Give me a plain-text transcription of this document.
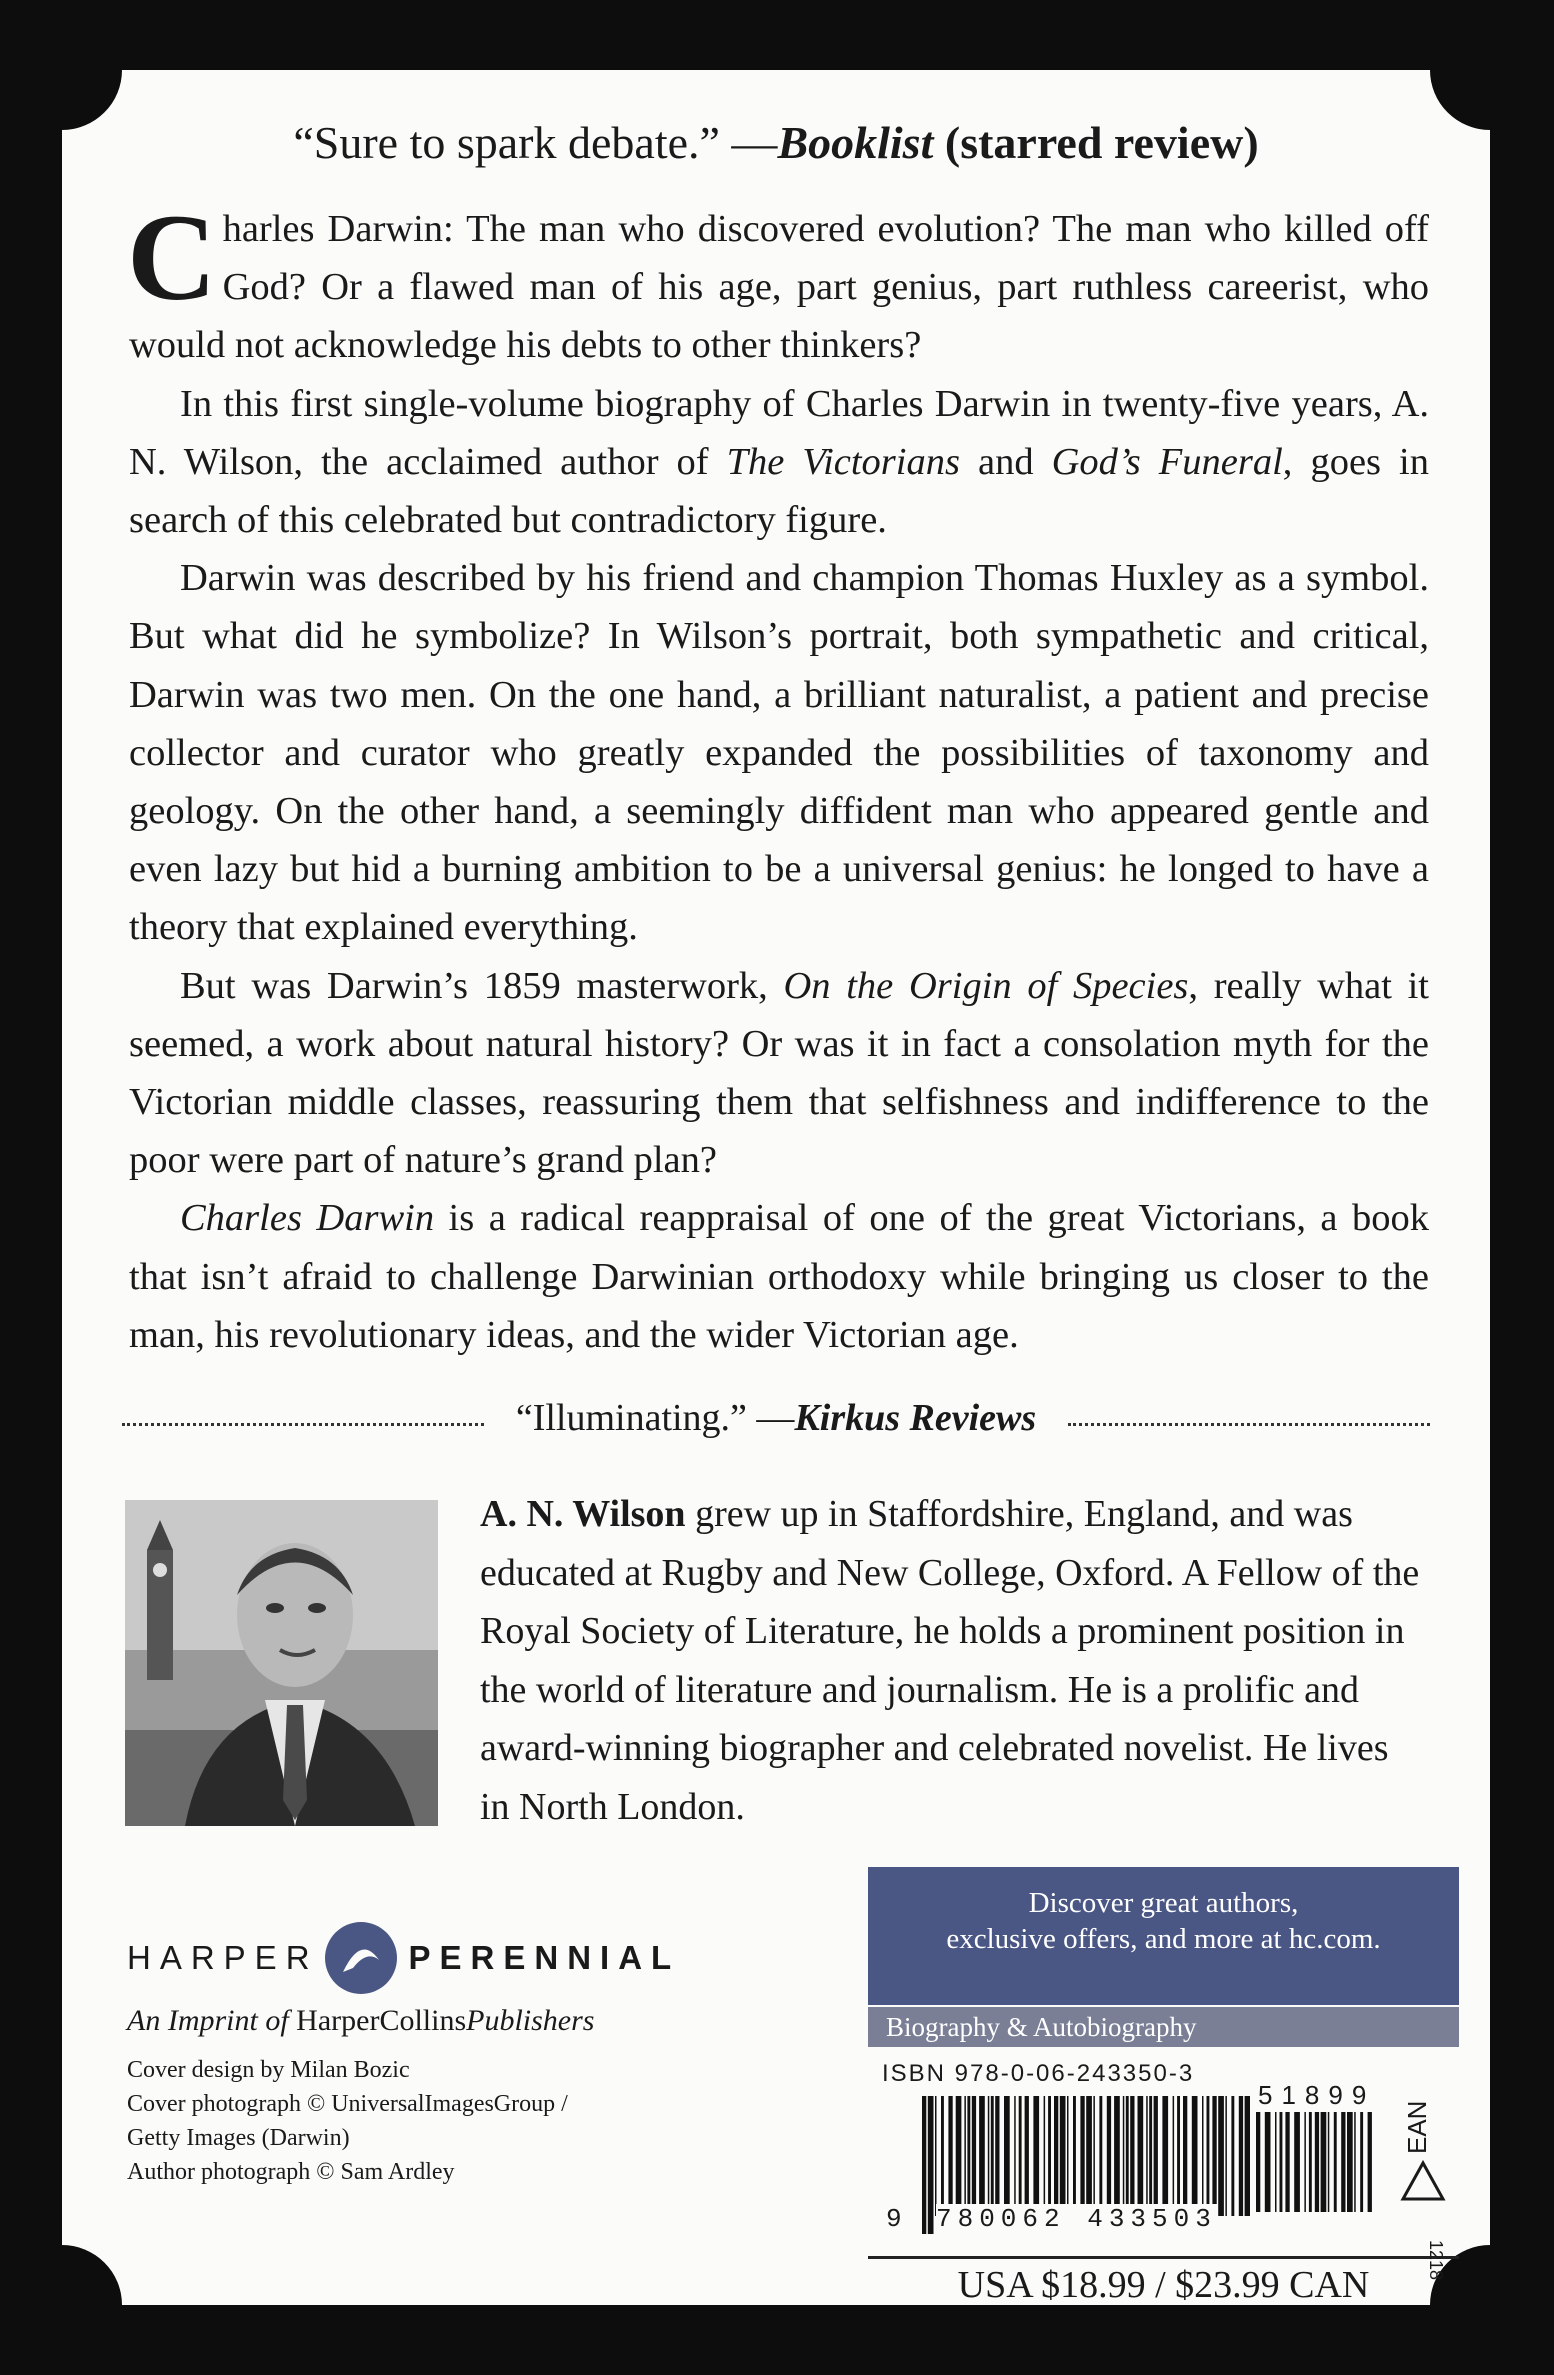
“Sure to spark debate.” —Booklist (starred review)

Charles Darwin: The man who discovered evolution? The man who killed off God? Or a flawed man of his age, part genius, part ruthless careerist, who would not acknowledge his debts to other thinkers?

In this first single-volume biography of Charles Darwin in twenty-five years, A. N. Wilson, the acclaimed author of The Victorians and God’s Funeral, goes in search of this celebrated but contradictory figure.

Darwin was described by his friend and champion Thomas Huxley as a symbol. But what did he symbolize? In Wilson’s portrait, both sympathetic and critical, Darwin was two men. On the one hand, a brilliant naturalist, a patient and precise collector and curator who greatly expanded the possibilities of taxonomy and geology. On the other hand, a seemingly diffident man who appeared gentle and even lazy but hid a burning ambition to be a universal genius: he longed to have a theory that explained everything.

But was Darwin’s 1859 masterwork, On the Origin of Species, really what it seemed, a work about natural history? Or was it in fact a consolation myth for the Victorian middle classes, reassuring them that selfishness and indifference to the poor were part of nature’s grand plan?

Charles Darwin is a radical reappraisal of one of the great Victorians, a book that isn’t afraid to challenge Darwinian orthodoxy while bringing us closer to the man, his revolutionary ideas, and the wider Victorian age.

“Illuminating.” —Kirkus Reviews
A. N. Wilson grew up in Staffordshire, England, and was educated at Rugby and New College, Oxford. A Fellow of the Royal Society of Literature, he holds a prominent position in the world of literature and journalism. He is a prolific and award-winning biographer and celebrated novelist. He lives in North London.
HARPER	PERENNIAL
An Imprint of HarperCollinsPublishers
Cover design by Milan Bozic
Cover photograph © UniversalImagesGroup /
Getty Images (Darwin)
Author photograph © Sam Ardley
Discover great authors,
exclusive offers, and more at hc.com.
Biography & Autobiography
ISBN 978-0-06-243350-3
9 780062 433503
51899
EAN
USA $18.99 / $23.99 CAN
1218
